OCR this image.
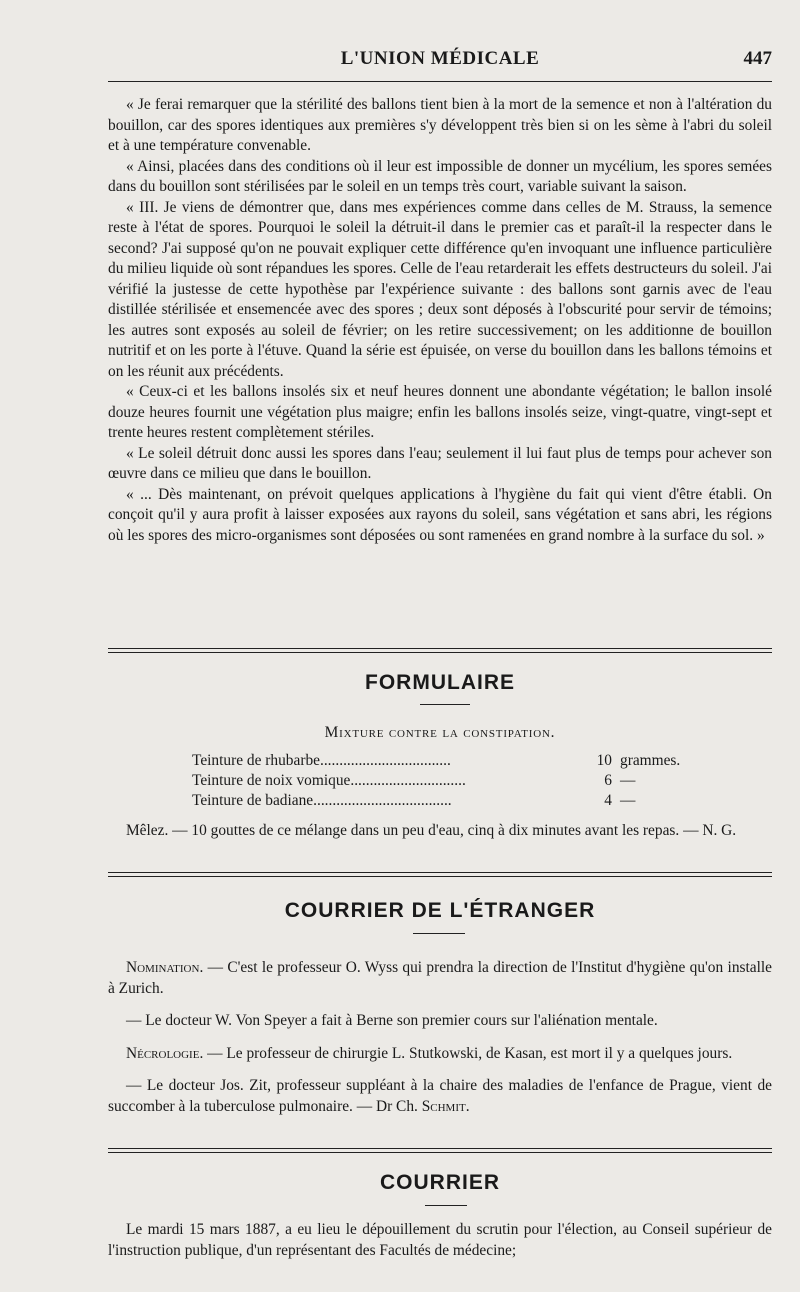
L'UNION MÉDICALE	447

« Je ferai remarquer que la stérilité des ballons tient bien à la mort de la semence et non à l'altération du bouillon, car des spores identiques aux premières s'y développent très bien si on les sème à l'abri du soleil et à une température convenable.

« Ainsi, placées dans des conditions où il leur est impossible de donner un mycélium, les spores semées dans du bouillon sont stérilisées par le soleil en un temps très court, variable suivant la saison.

« III. Je viens de démontrer que, dans mes expériences comme dans celles de M. Strauss, la semence reste à l'état de spores. Pourquoi le soleil la détruit-il dans le premier cas et paraît-il la respecter dans le second? J'ai supposé qu'on ne pouvait expliquer cette différence qu'en invoquant une influence particulière du milieu liquide où sont répandues les spores. Celle de l'eau retarderait les effets destructeurs du soleil. J'ai vérifié la justesse de cette hypothèse par l'expérience suivante : des ballons sont garnis avec de l'eau distillée stérilisée et ensemencée avec des spores ; deux sont déposés à l'obscurité pour servir de témoins; les autres sont exposés au soleil de février; on les retire successivement; on les additionne de bouillon nutritif et on les porte à l'étuve. Quand la série est épuisée, on verse du bouillon dans les ballons témoins et on les réunit aux précédents.

« Ceux-ci et les ballons insolés six et neuf heures donnent une abondante végétation; le ballon insolé douze heures fournit une végétation plus maigre; enfin les ballons insolés seize, vingt-quatre, vingt-sept et trente heures restent complètement stériles.

« Le soleil détruit donc aussi les spores dans l'eau; seulement il lui faut plus de temps pour achever son œuvre dans ce milieu que dans le bouillon.

« ... Dès maintenant, on prévoit quelques applications à l'hygiène du fait qui vient d'être établi. On conçoit qu'il y aura profit à laisser exposées aux rayons du soleil, sans végétation et sans abri, les régions où les spores des micro-organismes sont déposées ou sont ramenées en grand nombre à la surface du sol. »

FORMULAIRE
Mixture contre la constipation.
Teinture de rhubarbe..................................	10 grammes.
Teinture de noix vomique..............................	6 —
Teinture de badiane....................................	4 —

Mêlez. — 10 gouttes de ce mélange dans un peu d'eau, cinq à dix minutes avant les repas. — N. G.

COURRIER DE L'ÉTRANGER

Nomination. — C'est le professeur O. Wyss qui prendra la direction de l'Institut d'hygiène qu'on installe à Zurich.

— Le docteur W. Von Speyer a fait à Berne son premier cours sur l'aliénation mentale.

Nécrologie. — Le professeur de chirurgie L. Stutkowski, de Kasan, est mort il y a quelques jours.

— Le docteur Jos. Zit, professeur suppléant à la chaire des maladies de l'enfance de Prague, vient de succomber à la tuberculose pulmonaire. — Dr Ch. Schmit.

COURRIER

Le mardi 15 mars 1887, a eu lieu le dépouillement du scrutin pour l'élection, au Conseil supérieur de l'instruction publique, d'un représentant des Facultés de médecine;
